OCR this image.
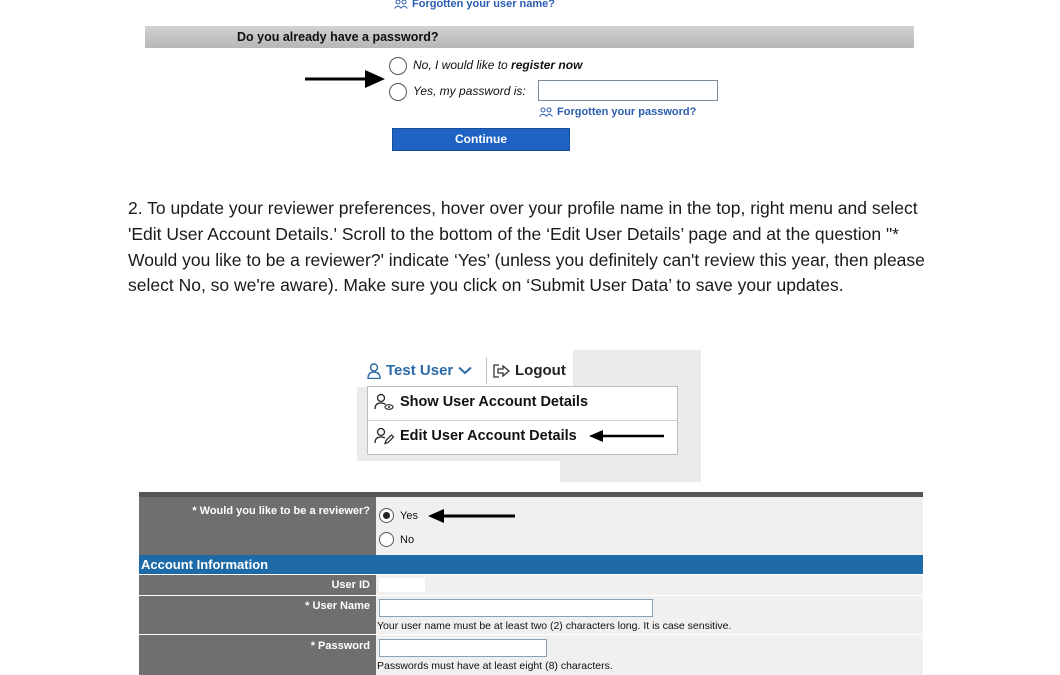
Forgotten your user name?
Do you already have a password?
No, I would like to register now
Yes, my password is:
Forgotten your password?
Continue
2. To update your reviewer preferences, hover over your profile name in the top, right menu and select 'Edit User Account Details.' Scroll to the bottom of the ‘Edit User Details’ page and at the question "* Would you like to be a reviewer?' indicate ‘Yes’ (unless you definitely can't review this year, then please select No, so we're aware). Make sure you click on ‘Submit User Data’ to save your updates.
Test User	Logout
Show User Account Details
Edit User Account Details
* Would you like to be a reviewer?	Yes
No
Account Information
User ID
* User Name
Your user name must be at least two (2) characters long. It is case sensitive.
* Password
Passwords must have at least eight (8) characters.
